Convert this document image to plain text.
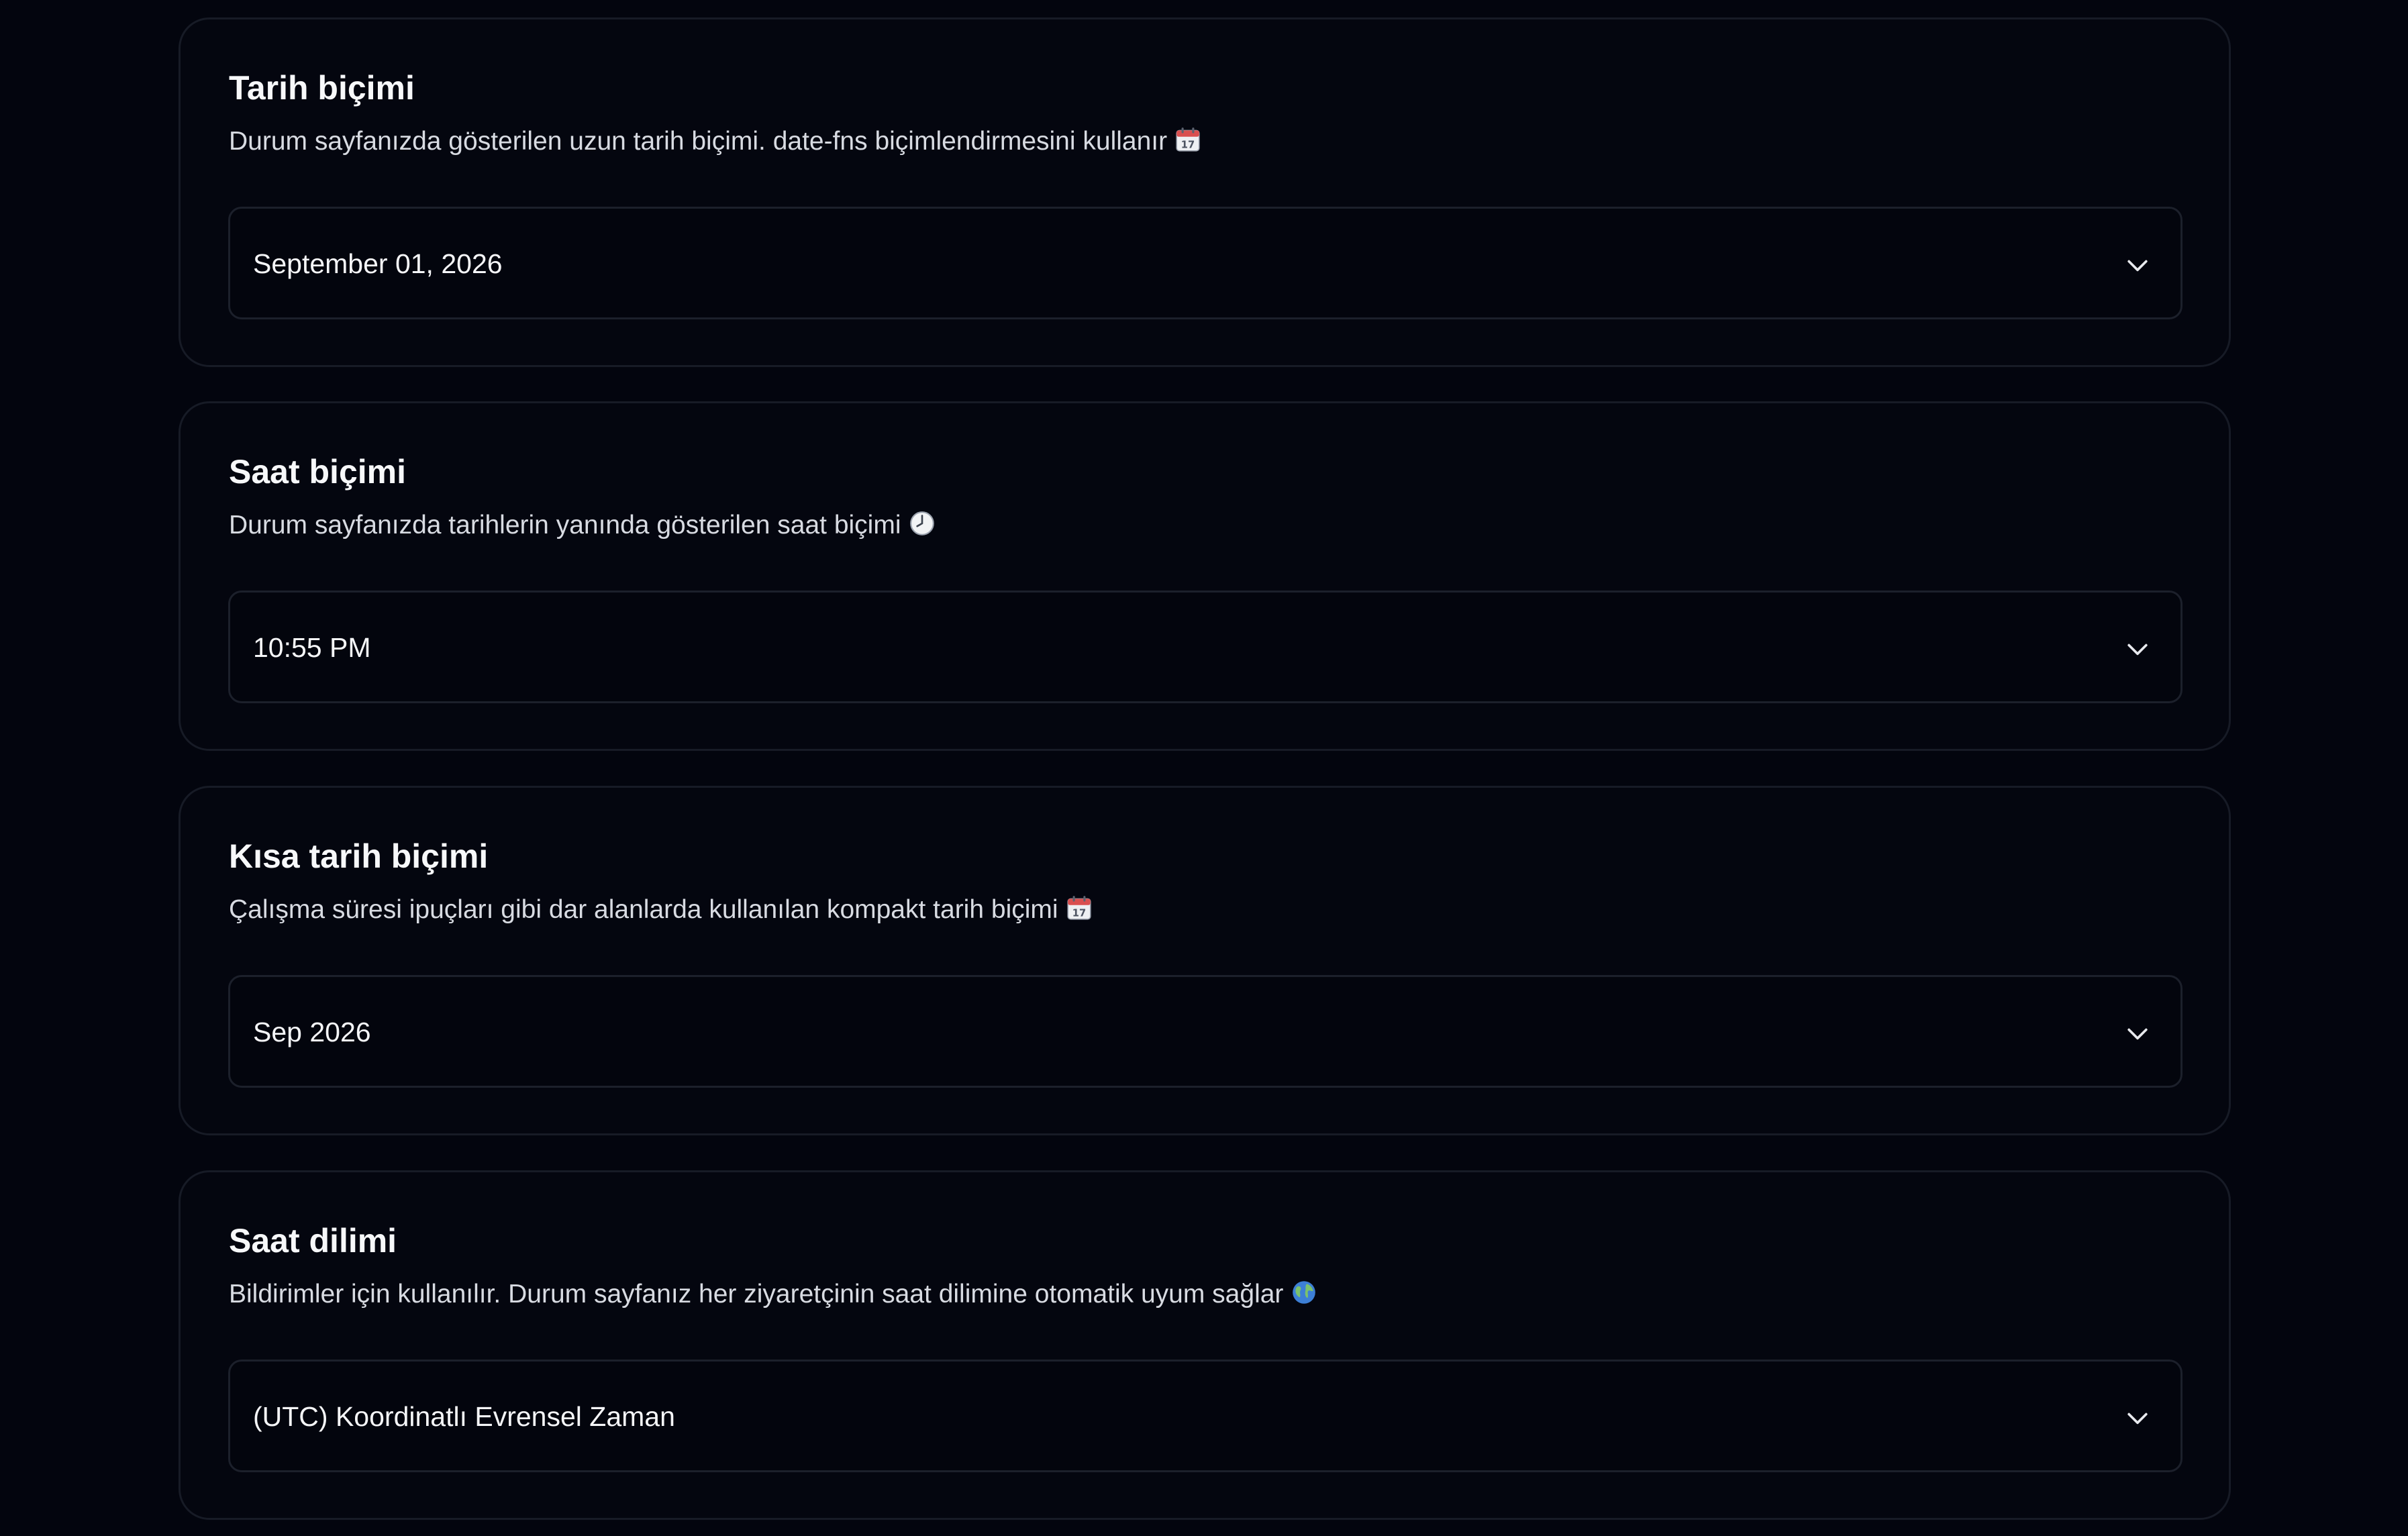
Tarih biçimi

Durum sayfanızda gösterilen uzun tarih biçimi. date-fns biçimlendirmesini kullanır 17

September 01, 2026
Saat biçimi

Durum sayfanızda tarihlerin yanında gösterilen saat biçimi

10:55 PM
Kısa tarih biçimi

Çalışma süresi ipuçları gibi dar alanlarda kullanılan kompakt tarih biçimi 17

Sep 2026
Saat dilimi

Bildirimler için kullanılır. Durum sayfanız her ziyaretçinin saat dilimine otomatik uyum sağlar

(UTC) Koordinatlı Evrensel Zaman
